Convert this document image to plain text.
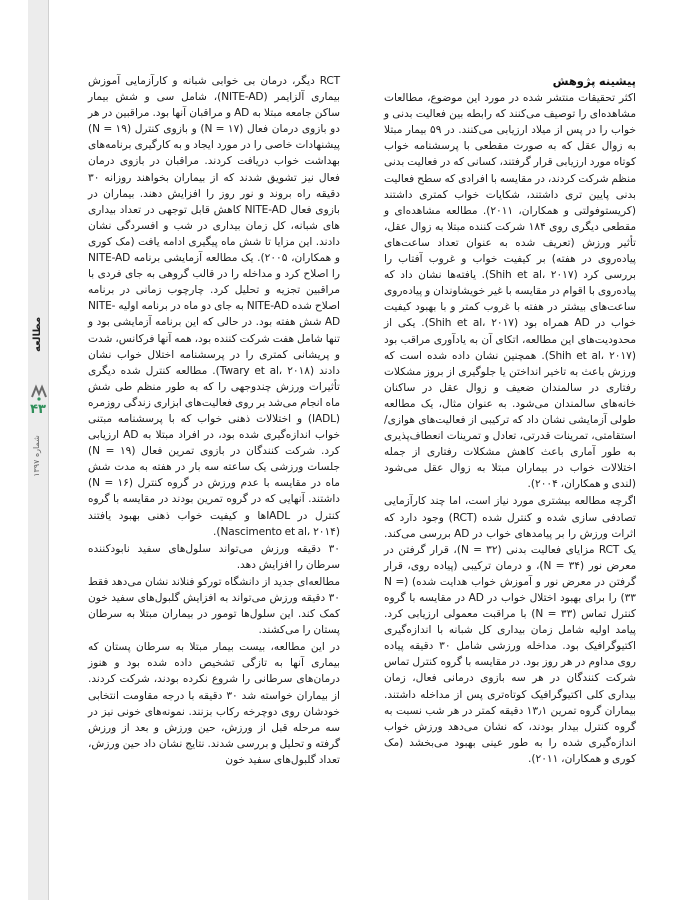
مطالعه
۴۳
شماره ۱۳۹۷
پیشینه پژوهش

اکثر تحقیقات منتشر شده در مورد این موضوع، مطالعات مشاهده‌ای را توصیف می‌کنند که رابطه بین فعالیت بدنی و خواب را در پس از میلاد ارزیابی می‌کنند. در ۵۹ بیمار مبتلا به زوال عقل که به صورت مقطعی با پرسشنامه خواب کوتاه مورد ارزیابی قرار گرفتند، کسانی که در فعالیت بدنی منظم شرکت کردند، در مقایسه با افرادی که سطح فعالیت بدنی پایین تری داشتند، شکایات خواب کمتری داشتند (کریستوفولتی و همکاران، ۲۰۱۱). مطالعه مشاهده‌ای و مقطعی دیگری روی ۱۸۴ شرکت کننده مبتلا به زوال عقل، تأثیر ورزش (تعریف شده به عنوان تعداد ساعت‌های پیاده‌روی در هفته) بر کیفیت خواب و غروب آفتاب را بررسی کرد (Shih et al، ۲۰۱۷). یافته‌ها نشان داد که پیاده‌روی با اقوام در مقایسه با غیر خویشاوندان و پیاده‌روی ساعت‌های بیشتر در هفته با غروب کمتر و با بهبود کیفیت خواب در AD همراه بود (Shih et al، ۲۰۱۷). یکی از محدودیت‌های این مطالعه، اتکای آن به یادآوری مراقب بود (Shih et al، ۲۰۱۷). همچنین نشان داده شده است که ورزش باعث به تاخیر انداختن یا جلوگیری از بروز مشکلات رفتاری در سالمندان ضعیف و زوال عقل در ساکنان خانه‌های سالمندان می‌شود. به عنوان مثال، یک مطالعه طولی آزمایشی نشان داد که ترکیبی از فعالیت‌های هوازی/استقامتی، تمرینات قدرتی، تعادل و تمرینات انعطاف‌پذیری به طور آماری باعث کاهش مشکلات رفتاری از جمله اختلالات خواب در بیماران مبتلا به زوال عقل می‌شود (لندی و همکاران، ۲۰۰۴).

اگرچه مطالعه بیشتری مورد نیاز است، اما چند کارآزمایی تصادفی سازی شده و کنترل شده (RCT) وجود دارد که اثرات ورزش را بر پیامدهای خواب در AD بررسی می‌کند. یک RCT مزایای فعالیت بدنی (N = ۳۲)، قرار گرفتن در معرض نور (N = ۳۴)، و درمان ترکیبی (پیاده روی، قرار گرفتن در معرض نور و آموزش خواب هدایت شده) (N = ۳۳) را برای بهبود اختلال خواب در AD در مقایسه با گروه کنترل تماس (N = ۳۳) با مراقبت معمولی ارزیابی کرد. پیامد اولیه شامل زمان بیداری کل شبانه با اندازه‌گیری اکتیوگرافیک بود. مداخله ورزشی شامل ۳۰ دقیقه پیاده روی مداوم در هر روز بود. در مقایسه با گروه کنترل تماس شرکت کنندگان در هر سه بازوی درمانی فعال، زمان بیداری کلی اکتیوگرافیک کوتاه‌تری پس از مداخله داشتند. بیماران گروه تمرین ۱۳٫۱ دقیقه کمتر در هر شب نسبت به گروه کنترل بیدار بودند، که نشان می‌دهد ورزش خواب اندازه‌گیری شده را به طور عینی بهبود می‌بخشد (مک کوری و همکاران، ۲۰۱۱).

RCT دیگر، درمان بی خوابی شبانه و کارآزمایی آموزش بیماری آلزایمر (NITE-AD)، شامل سی و شش بیمار ساکن جامعه مبتلا به AD و مراقبان آنها بود. مراقبین در هر دو بازوی درمان فعال (N = ۱۷) و بازوی کنترل (N = ۱۹) پیشنهادات خاصی را در مورد ایجاد و به کارگیری برنامه‌های بهداشت خواب دریافت کردند. مراقبان در بازوی درمان فعال نیز تشویق شدند که از بیماران بخواهند روزانه ۳۰ دقیقه راه بروند و نور روز را افزایش دهند. بیماران در بازوی فعال NITE-AD کاهش قابل توجهی در تعداد بیداری های شبانه، کل زمان بیداری در شب و افسردگی نشان دادند. این مزایا تا شش ماه پیگیری ادامه یافت (مک کوری و همکاران، ۲۰۰۵). یک مطالعه آزمایشی برنامه NITE-AD را اصلاح کرد و مداخله را در قالب گروهی به جای فردی با مراقبین تجزیه و تحلیل کرد. چارچوب زمانی در برنامه اصلاح شده NITE-AD به جای دو ماه در برنامه اولیه NITE-AD شش هفته بود. در حالی که این برنامه آزمایشی بود و تنها شامل هفت شرکت کننده بود، همه آنها فرکانس، شدت و پریشانی کمتری را در پرسشنامه اختلال خواب نشان دادند (Twary et al، ۲۰۱۸). مطالعه کنترل شده دیگری تأثیرات ورزش چندوجهی را که به طور منظم طی شش ماه انجام می‌شد بر روی فعالیت‌های ابزاری زندگی روزمره (IADL) و اختلالات ذهنی خواب که با پرسشنامه مبتنی خواب اندازه‌گیری شده بود، در افراد مبتلا به AD ارزیابی کرد. شرکت کنندگان در بازوی تمرین فعال (N = ۱۹) جلسات ورزشی یک ساعته سه بار در هفته به مدت شش ماه در مقایسه با عدم ورزش در گروه کنترل (N = ۱۶) داشتند. آنهایی که در گروه تمرین بودند در مقایسه با گروه کنترل در IADLها و کیفیت خواب ذهنی بهبود یافتند (Nascimento et al، ۲۰۱۴).

۳۰ دقیقه ورزش می‌تواند سلول‌های سفید نابودکننده سرطان را افزایش دهد.

مطالعه‌ای جدید از دانشگاه تورکو فنلاند نشان می‌دهد فقط ۳۰ دقیقه ورزش می‌تواند به افزایش گلبول‌های سفید خون کمک کند. این سلول‌ها تومور در بیماران مبتلا به سرطان پستان را می‌کشند.

در این مطالعه، بیست بیمار مبتلا به سرطان پستان که بیماری آنها به تازگی تشخیص داده شده بود و هنوز درمان‌های سرطانی را شروع نکرده بودند، شرکت کردند. از بیماران خواسته شد ۳۰ دقیقه با درجه مقاومت انتخابی خودشان روی دوچرخه رکاب بزنند. نمونه‌های خونی نیز در سه مرحله قبل از ورزش، حین ورزش و بعد از ورزش گرفته و تحلیل و بررسی شدند. نتایج نشان داد حین ورزش، تعداد گلبول‌های سفید خون
